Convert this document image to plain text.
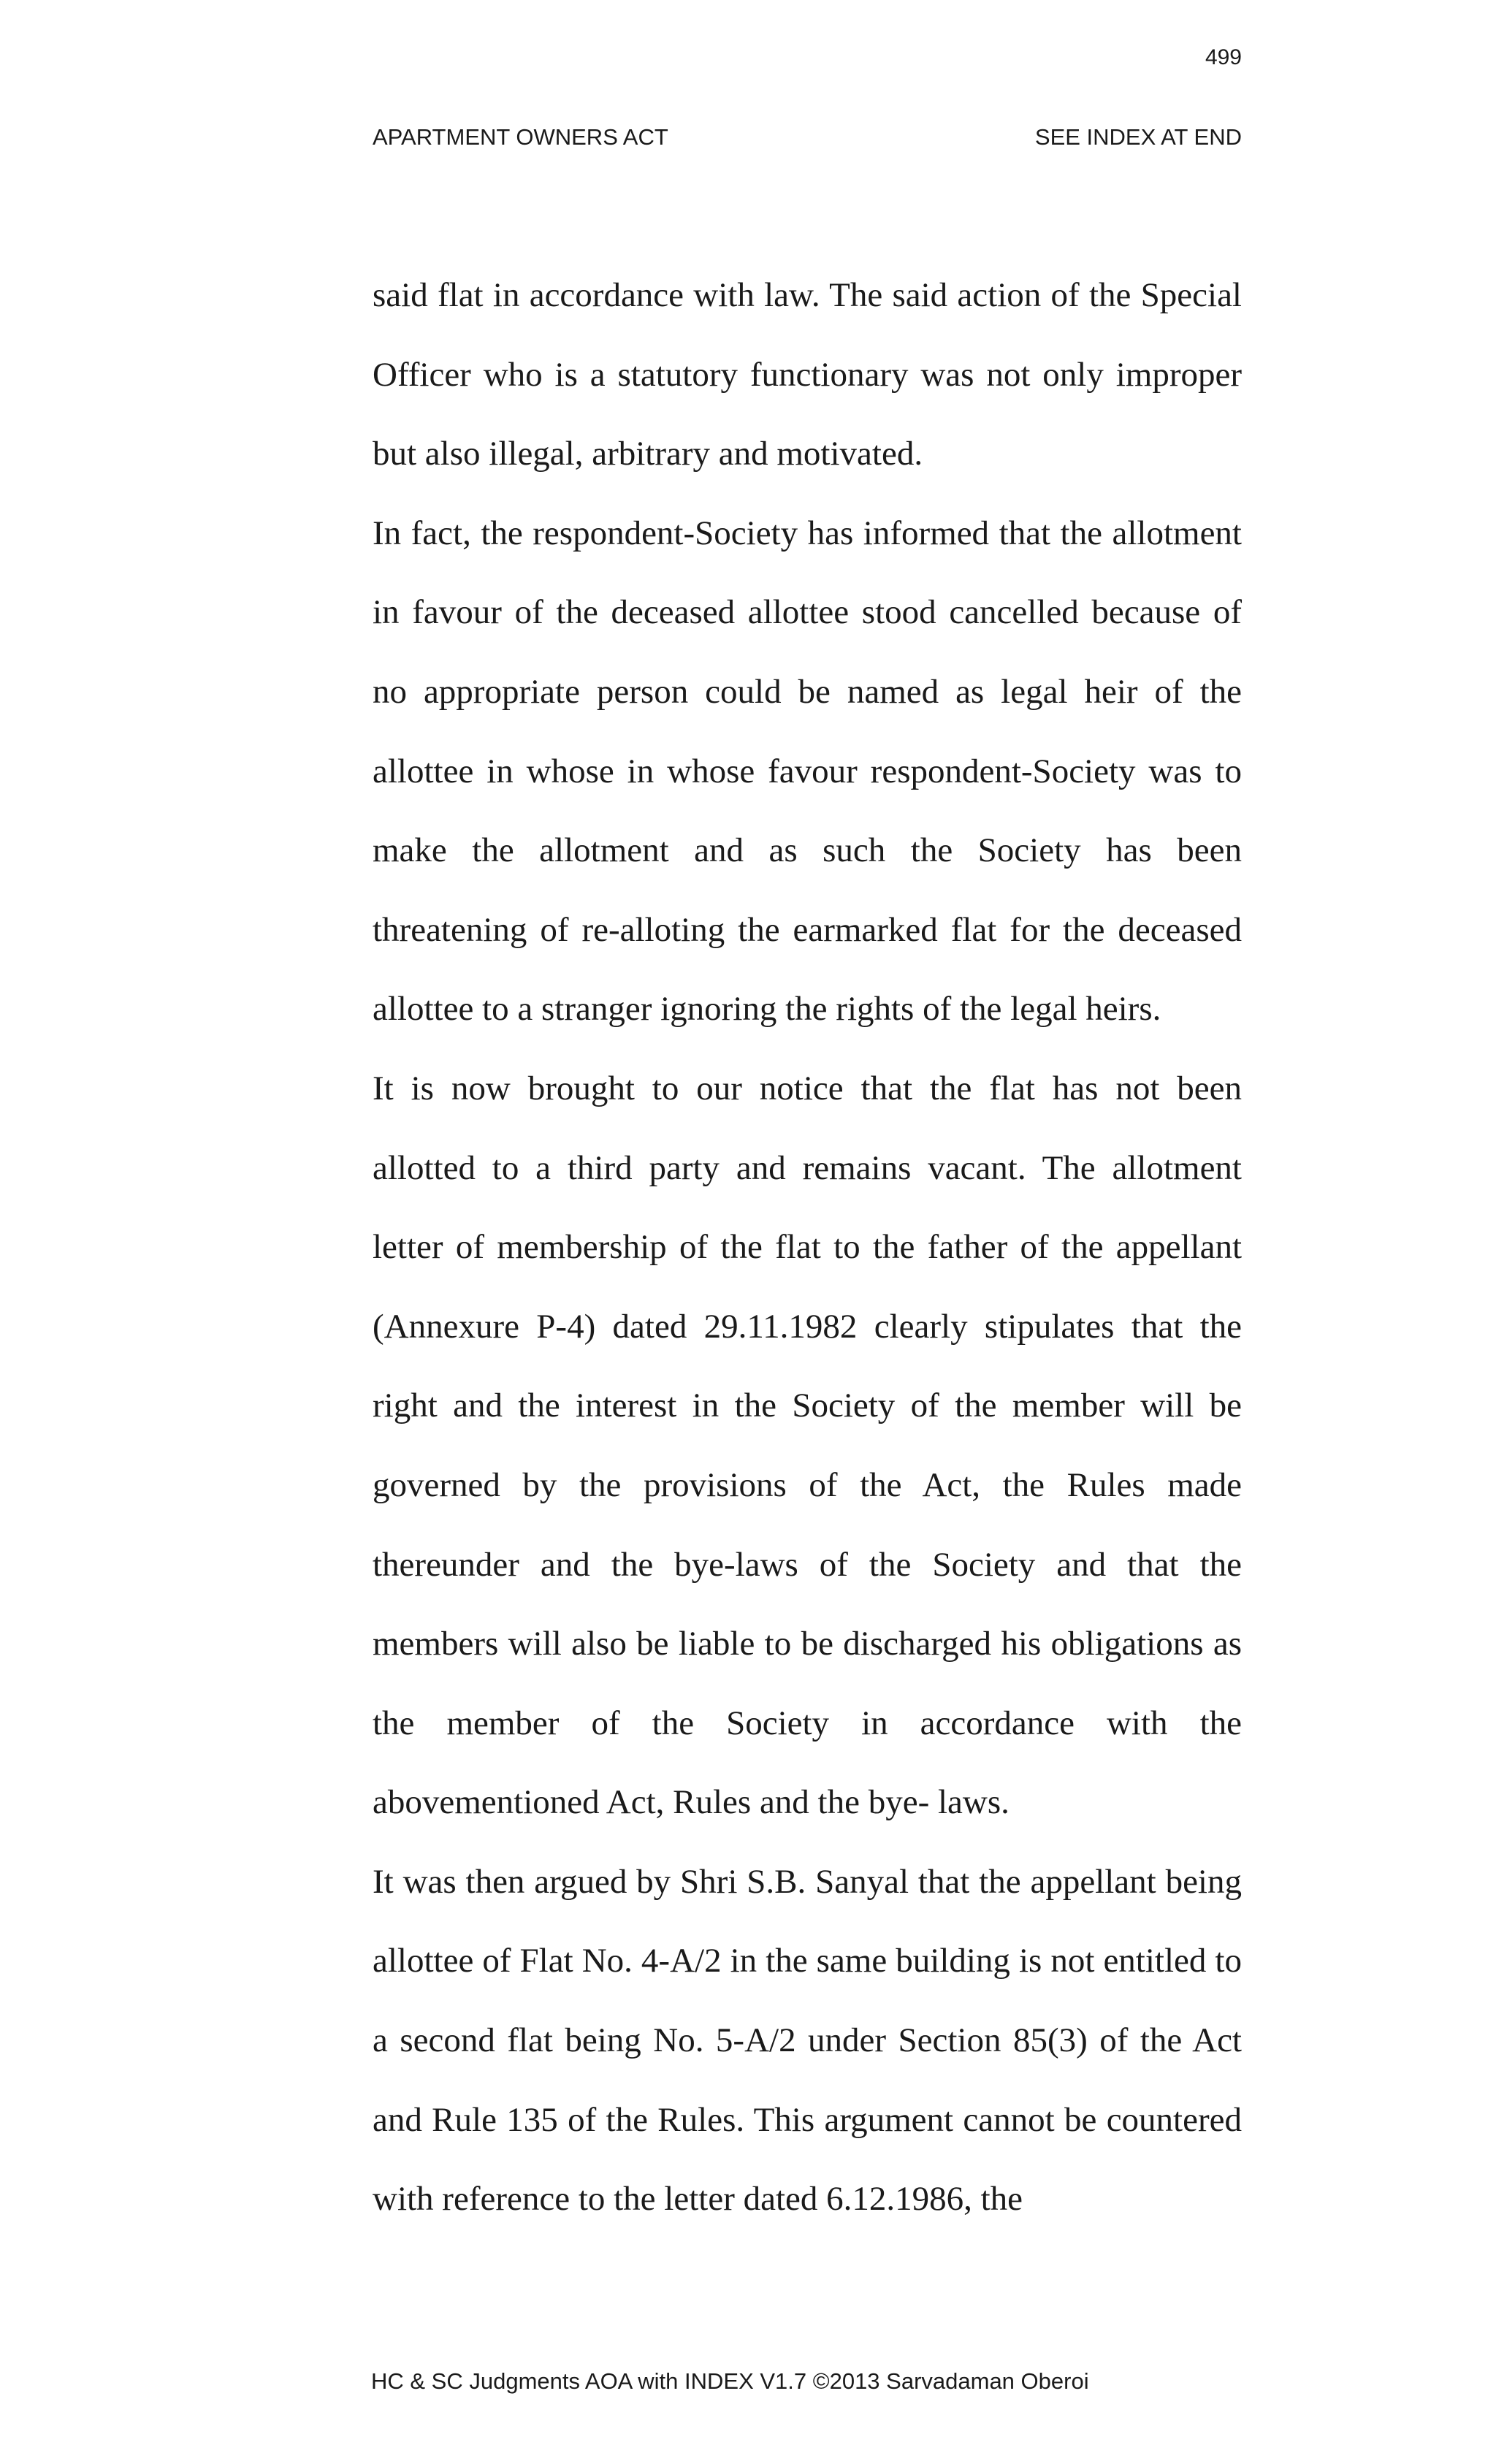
499
APARTMENT OWNERS ACT	SEE INDEX AT END

said flat in accordance with law. The said action of the Special Officer who is a statutory functionary was not only improper but also illegal, arbitrary and motivated.

In fact, the respondent-Society has informed that the allotment in favour of the deceased allottee stood cancelled because of no appropriate person could be named as legal heir of the allottee in whose in whose favour respondent-Society was to make the allotment and as such the Society has been threatening of re-alloting the earmarked flat for the deceased allottee to a stranger ignoring the rights of the legal heirs.

It is now brought to our notice that the flat has not been allotted to a third party and remains vacant. The allotment letter of membership of the flat to the father of the appellant (Annexure P-4) dated 29.11.1982 clearly stipulates that the right and the interest in the Society of the member will be governed by the provisions of the Act, the Rules made thereunder and the bye-laws of the Society and that the members will also be liable to be discharged his obligations as the member of the Society in accordance with the abovementioned Act, Rules and the bye- laws.

It was then argued by Shri S.B. Sanyal that the appellant being allottee of Flat No. 4-A/2 in the same building is not entitled to a second flat being No. 5-A/2 under Section 85(3) of the Act and Rule 135 of the Rules. This argument cannot be countered with reference to the letter dated 6.12.1986, the

HC & SC Judgments AOA with INDEX V1.7 ©2013 Sarvadaman Oberoi
